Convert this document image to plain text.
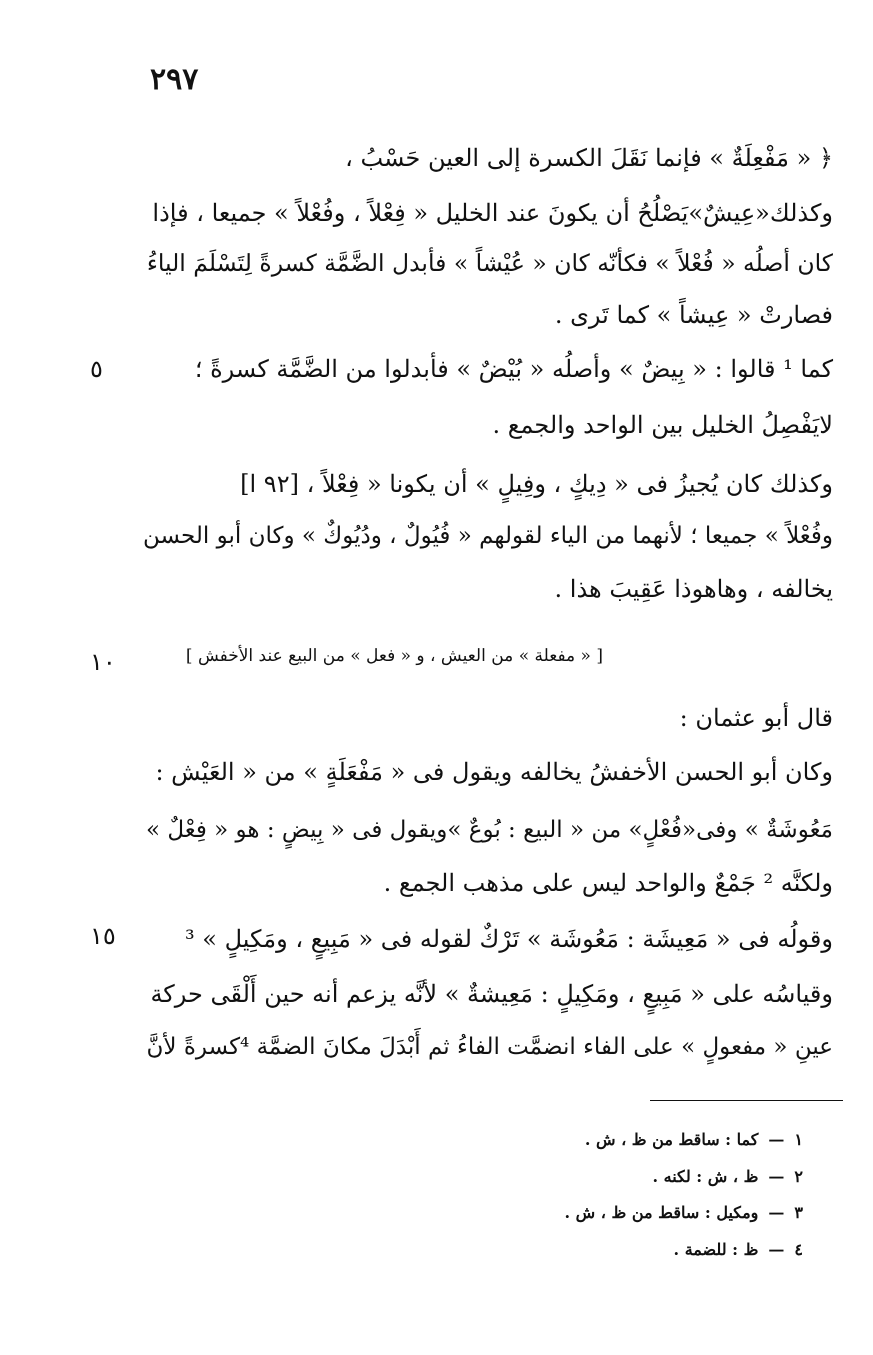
٢٩٧
﴿ « مَفْعِلَةٌ » فإنما نَقَلَ الكسرة إلى العين حَسْبُ ،
وكذلك«عِيشٌ»يَصْلُحُ أن يكونَ عند الخليل « فِعْلاً ، وفُعْلاً » جميعا ، فإذا
كان أصلُه « فُعْلاً » فكأنّه كان « عُيْشاً » فأبدل الضَّمَّة كسرةً لِتَسْلَمَ الياءُ
فصارتْ « عِيشاً » كما تَرى .
كما ¹ قالوا : « بِيضٌ » وأصلُه « بُيْضٌ » فأبدلوا من الضَّمَّة كسرةً ؛
٥
لايَفْصِلُ الخليل بين الواحد والجمع .
وكذلك كان يُجيزُ فى « دِيكٍ ، وفِيلٍ » أن يكونا « فِعْلاً ، [٩٢ ا]
وفُعْلاً » جميعا ؛ لأنهما من الياء لقولهم « فُيُولٌ ، ودُيُوكٌ » وكان أبو الحسن
يخالفه ، وهاهوذا عَقِيبَ هذا .
[ « مفعلة » من العيش ، و « فعل » من البيع عند الأخفش ]
١٠
قال أبو عثمان :
وكان أبو الحسن الأخفشُ يخالفه ويقول فى « مَفْعَلَةٍ » من « العَيْش :
مَعُوشَةٌ » وفى«فُعْلٍ» من « البيع : بُوعٌ »ويقول فى « بِيضٍ : هو « فِعْلٌ »
ولكنَّه ² جَمْعٌ والواحد ليس على مذهب الجمع .
وقولُه فى « مَعِيشَة : مَعُوشَة » تَرْكٌ لقوله فى « مَبِيعٍ ، ومَكِيلٍ » ³
١٥
وقياسُه على « مَبِيعٍ ، ومَكِيلٍ : مَعِيشةٌ » لأنَّه يزعم أنه حين أَلْقَى حركة
عينِ « مفعولٍ » على الفاء انضمَّت الفاءُ ثم أَبْدَلَ مكانَ الضمَّة ⁴كسرةً لأنَّ
١—كما : ساقط من ظ ، ش .
٢—ظ ، ش : لكنه .
٣—ومكيل : ساقط من ظ ، ش .
٤—ظ : للضمة .
